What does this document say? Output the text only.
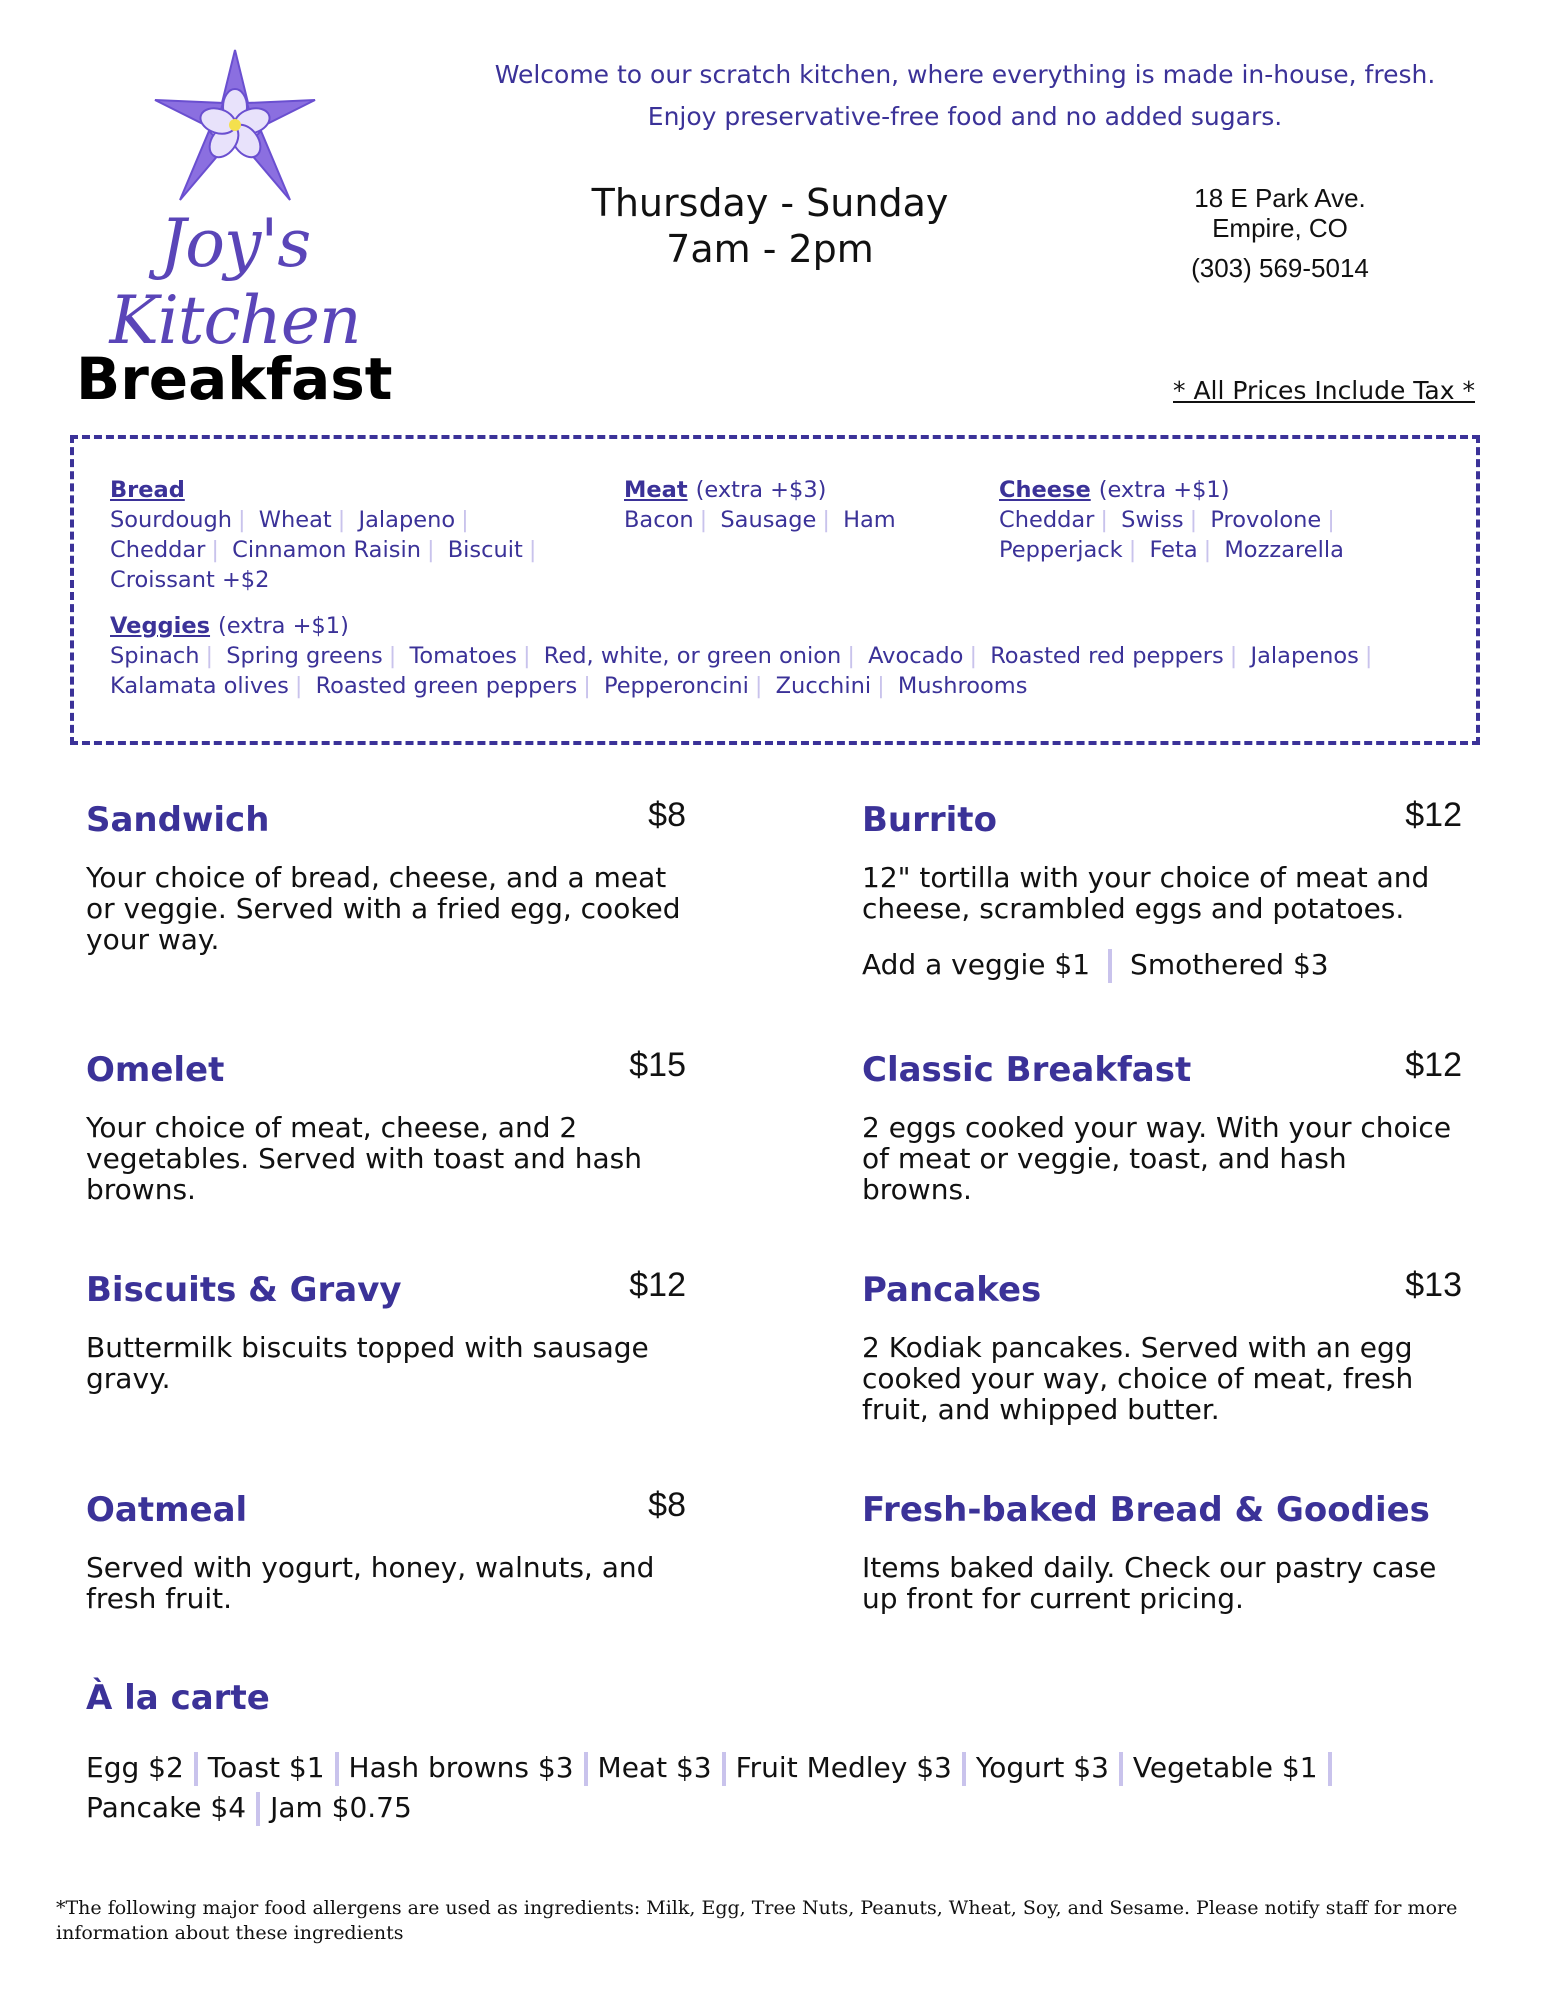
Joy's Kitchen
Welcome to our scratch kitchen, where everything is made in-house, fresh.
Enjoy preservative-free food and no added sugars.
Thursday - Sunday
7am - 2pm
18 E Park Ave.
Empire, CO
(303) 569-5014
Breakfast	* All Prices Include Tax *
Bread
Sourdough | Wheat | Jalapeno | Cheddar | Cinnamon Raisin | Biscuit | Croissant +$2
Meat (extra +$3)
Bacon | Sausage | Ham
Cheese (extra +$1)
Cheddar | Swiss | Provolone | Pepperjack | Feta | Mozzarella
Veggies (extra +$1)
Spinach | Spring greens | Tomatoes | Red, white, or green onion | Avocado | Roasted red peppers | Jalapenos | Kalamata olives | Roasted green peppers | Pepperoncini | Zucchini | Mushrooms
Sandwich	$8
Your choice of bread, cheese, and a meat or veggie. Served with a fried egg, cooked your way.
Burrito	$12
12" tortilla with your choice of meat and cheese, scrambled eggs and potatoes.
Add a veggie $1 Smothered $3
Omelet	$15
Your choice of meat, cheese, and 2 vegetables. Served with toast and hash browns.
Classic Breakfast	$12
2 eggs cooked your way. With your choice of meat or veggie, toast, and hash browns.
Biscuits & Gravy	$12
Buttermilk biscuits topped with sausage gravy.
Pancakes	$13
2 Kodiak pancakes. Served with an egg cooked your way, choice of meat, fresh fruit, and whipped butter.
Oatmeal	$8
Served with yogurt, honey, walnuts, and fresh fruit.
Fresh-baked Bread & Goodies
Items baked daily. Check our pastry case up front for current pricing.
À la carte
Egg $2 Toast $1 Hash browns $3 Meat $3 Fruit Medley $3 Yogurt $3 Vegetable $1Pancake $4 Jam $0.75
*The following major food allergens are used as ingredients: Milk, Egg, Tree Nuts, Peanuts, Wheat, Soy, and Sesame. Please notify staff for more information about these ingredients
